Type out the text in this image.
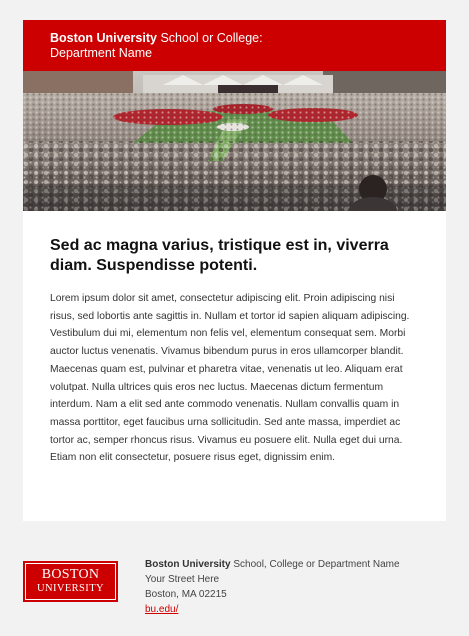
Boston University School or College:
Department Name
Sed ac magna varius, tristique est in, viverra diam. Suspendisse potenti.

Lorem ipsum dolor sit amet, consectetur adipiscing elit. Proin adipiscing nisi risus, sed lobortis ante sagittis in. Nullam et tortor id sapien aliquam adipiscing. Vestibulum dui mi, elementum non felis vel, elementum consequat sem. Morbi auctor luctus venenatis. Vivamus bibendum purus in eros ullamcorper blandit. Maecenas quam est, pulvinar et pharetra vitae, venenatis ut leo. Aliquam erat volutpat. Nulla ultrices quis eros nec luctus. Maecenas dictum fermentum interdum. Nam a elit sed ante commodo venenatis. Nullam convallis quam in massa porttitor, eget faucibus urna sollicitudin. Sed ante massa, imperdiet ac tortor ac, semper rhoncus risus. Vivamus eu posuere elit. Nulla eget dui urna. Etiam non elit consectetur, posuere risus eget, dignissim enim.

BOSTON
UNIVERSITY
Boston University School, College or Department Name
Your Street Here
Boston, MA 02215
bu.edu/
